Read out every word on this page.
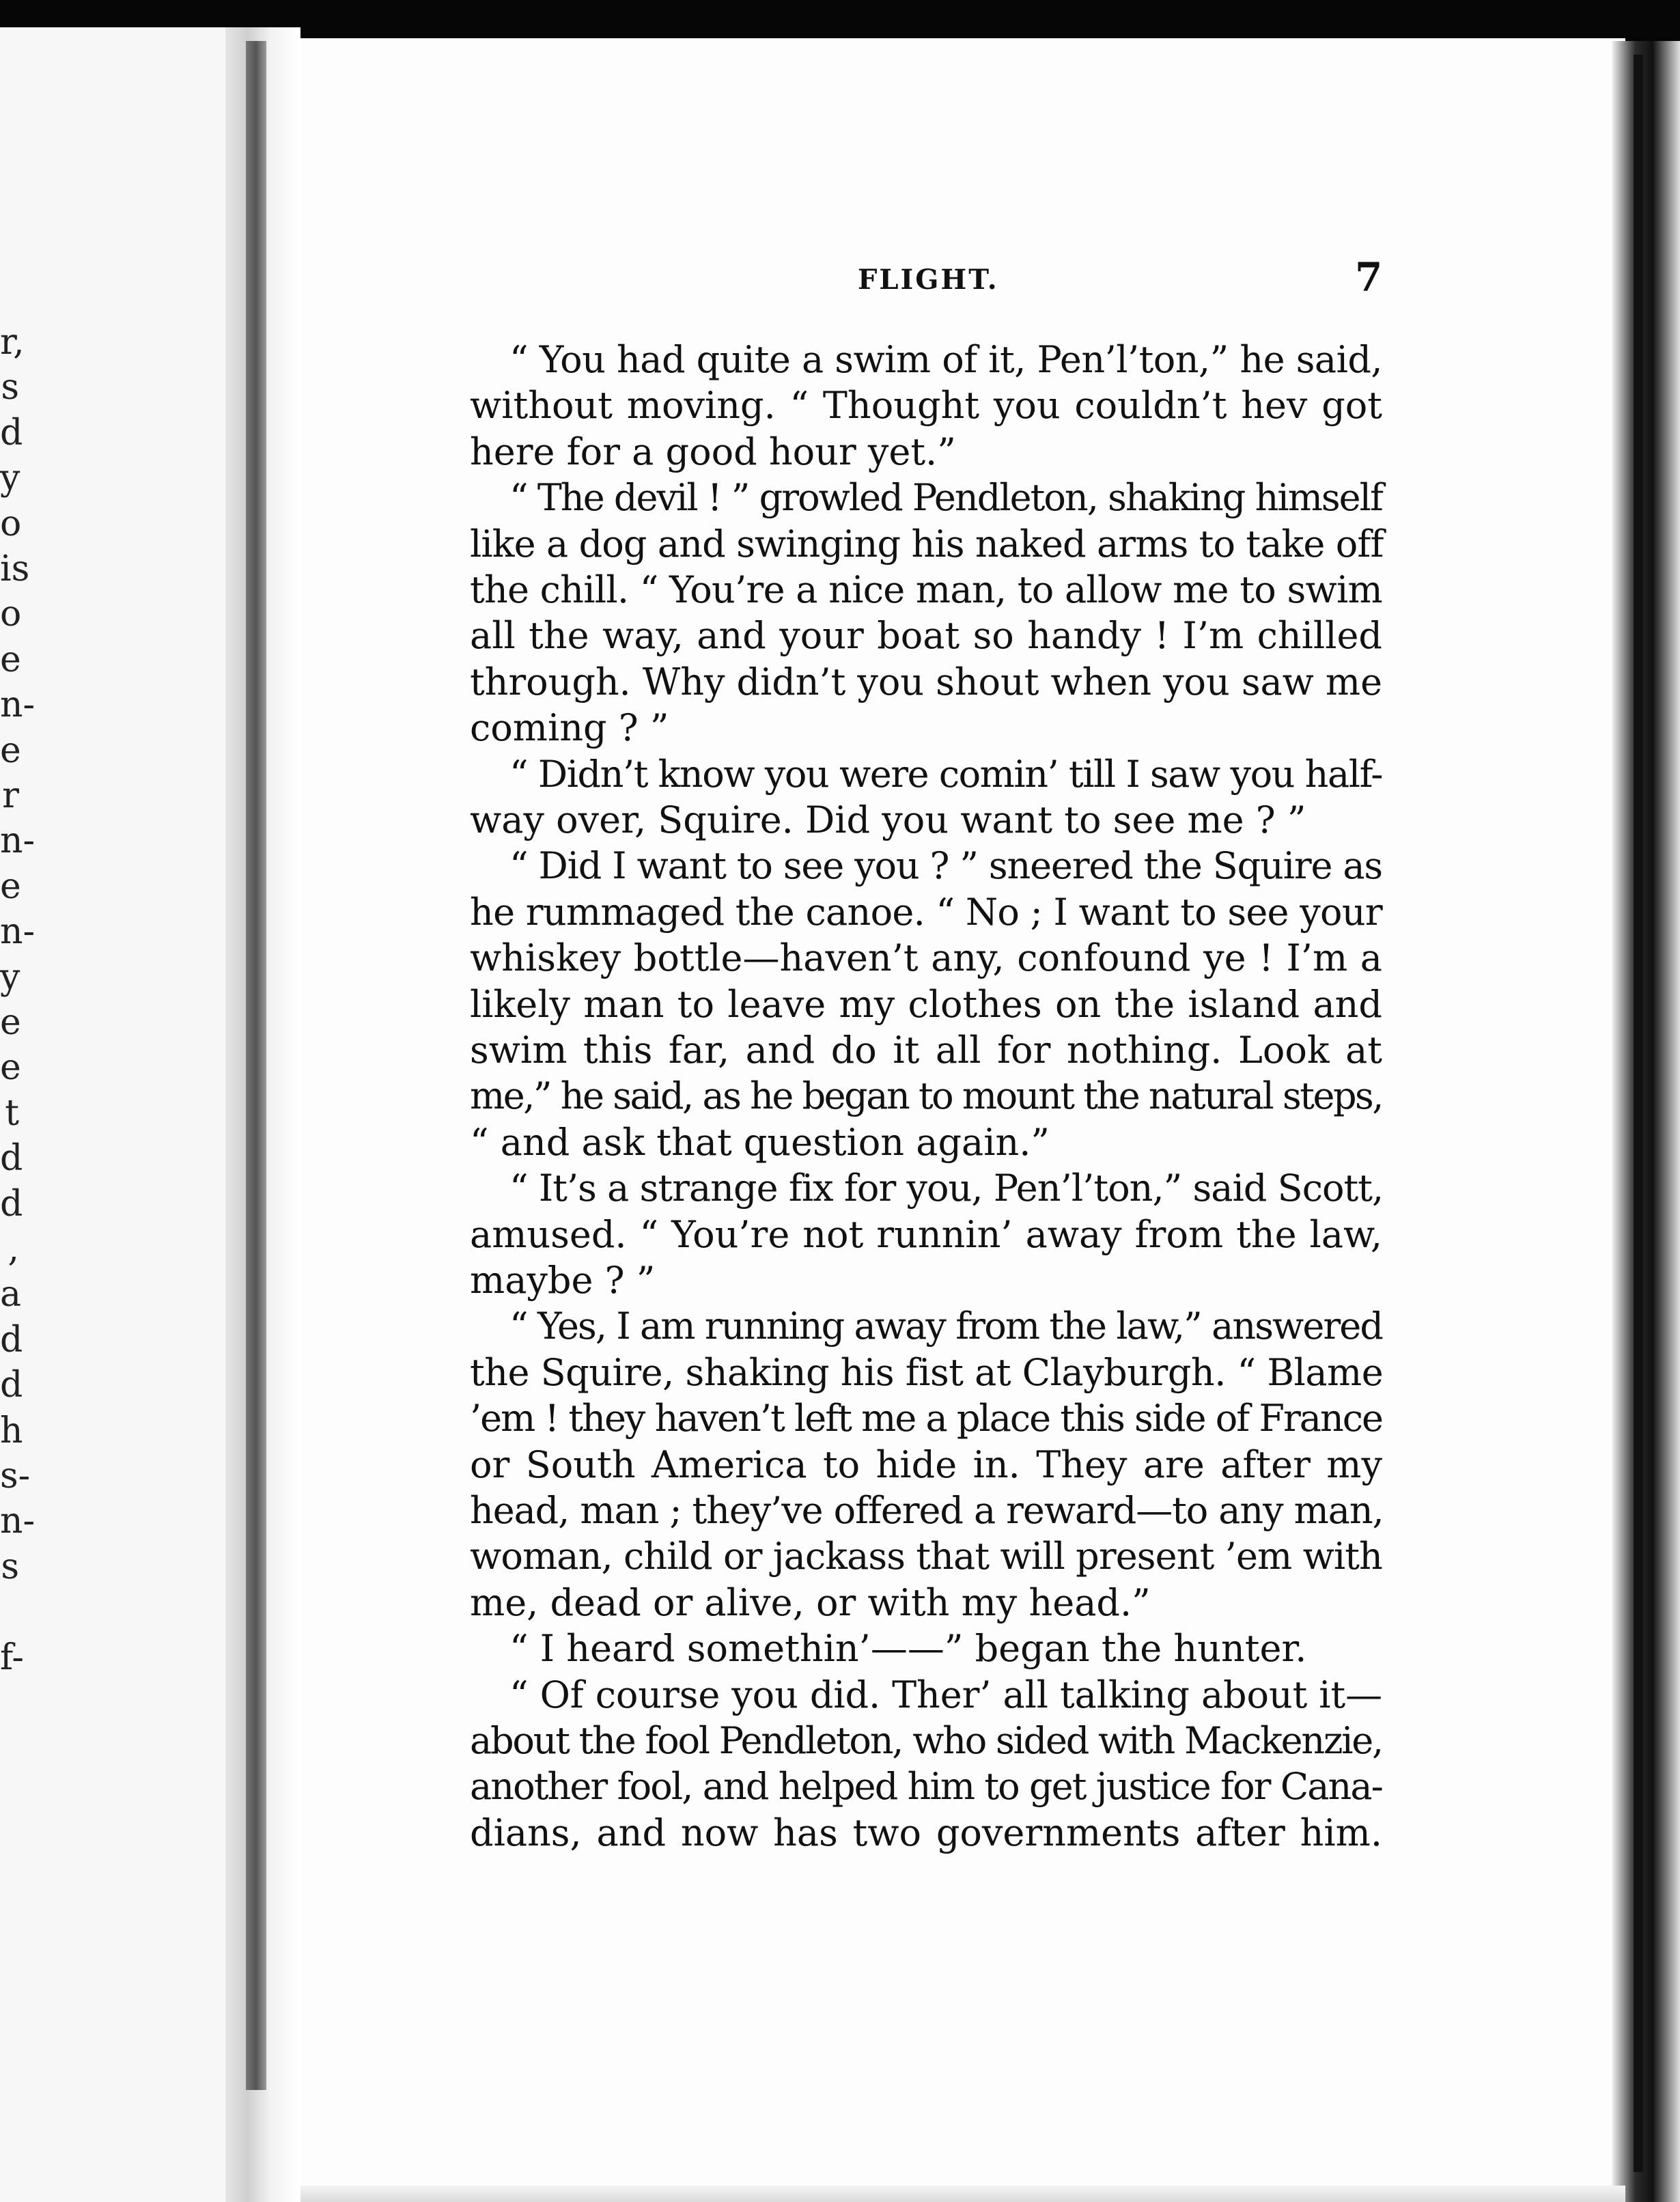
r,
s
d
y
o
is
o
e
n-
e
r
n-
e
n-
y
e
e
t
d
d
,
a
d
d
h
s-
n-
s
f-
FLIGHT.	7
“ You had quite a swim of it, Pen’l’ton,” he said,
without moving. “ Thought you couldn’t hev got
here for a good hour yet.”
“ The devil ! ” growled Pendleton, shaking himself
like a dog and swinging his naked arms to take off
the chill. “ You’re a nice man, to allow me to swim
all the way, and your boat so handy ! I’m chilled
through. Why didn’t you shout when you saw me
coming ? ”
“ Didn’t know you were comin’ till I saw you half-
way over, Squire. Did you want to see me ? ”
“ Did I want to see you ? ” sneered the Squire as
he rummaged the canoe. “ No ; I want to see your
whiskey bottle—haven’t any, confound ye ! I’m a
likely man to leave my clothes on the island and
swim this far, and do it all for nothing. Look at
me,” he said, as he began to mount the natural steps,
“ and ask that question again.”
“ It’s a strange fix for you, Pen’l’ton,” said Scott,
amused. “ You’re not runnin’ away from the law,
maybe ? ”
“ Yes, I am running away from the law,” answered
the Squire, shaking his fist at Clayburgh. “ Blame
’em ! they haven’t left me a place this side of France
or South America to hide in. They are after my
head, man ; they’ve offered a reward—to any man,
woman, child or jackass that will present ’em with
me, dead or alive, or with my head.”
“ I heard somethin’——” began the hunter.
“ Of course you did. Ther’ all talking about it—
about the fool Pendleton, who sided with Mackenzie,
another fool, and helped him to get justice for Cana-
dians, and now has two governments after him.
